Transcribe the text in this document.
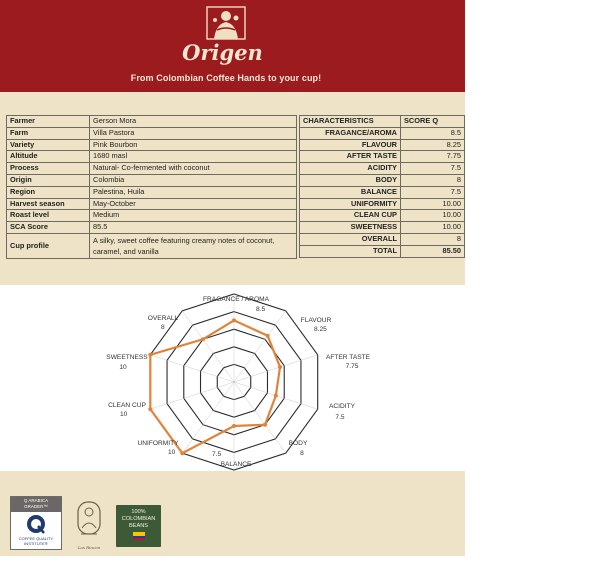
Origen
From Colombian Coffee Hands to your cup!
Farmer	Gerson Mora
Farm	Villa Pastora
Variety	Pink Bourbon
Altitude	1680 masl
Process	Natural- Co-fermented with coconut
Origin	Colombia
Region	Palestina, Huila
Harvest season	May-October
Roast level	Medium
SCA Score	85.5
Cup profile	A silky, sweet coffee featuring creamy notes of coconut, caramel, and vanilla
CHARACTERISTICS	SCORE Q
FRAGANCE/AROMA	8.5
FLAVOUR	8.25
AFTER TASTE	7.75
ACIDITY	7.5
BODY	8
BALANCE	7.5
UNIFORMITY	10.00
CLEAN CUP	10.00
SWEETNESS	10.00
OVERALL	8
TOTAL	85.50
FRAGANCE / AROMA
8.5
FLAVOUR
8.25
AFTER TASTE
7.75
ACIDITY
7.5
BODY
8
BALANCE
7.5
UNIFORMITY
10
CLEAN CUP
10
SWEETNESS
10
OVERALL
8
Q ARABICA
GRADER™
COFFEE QUALITY INSTITUTE®
Los Rincon
100%
COLOMBIAN
BEANS
